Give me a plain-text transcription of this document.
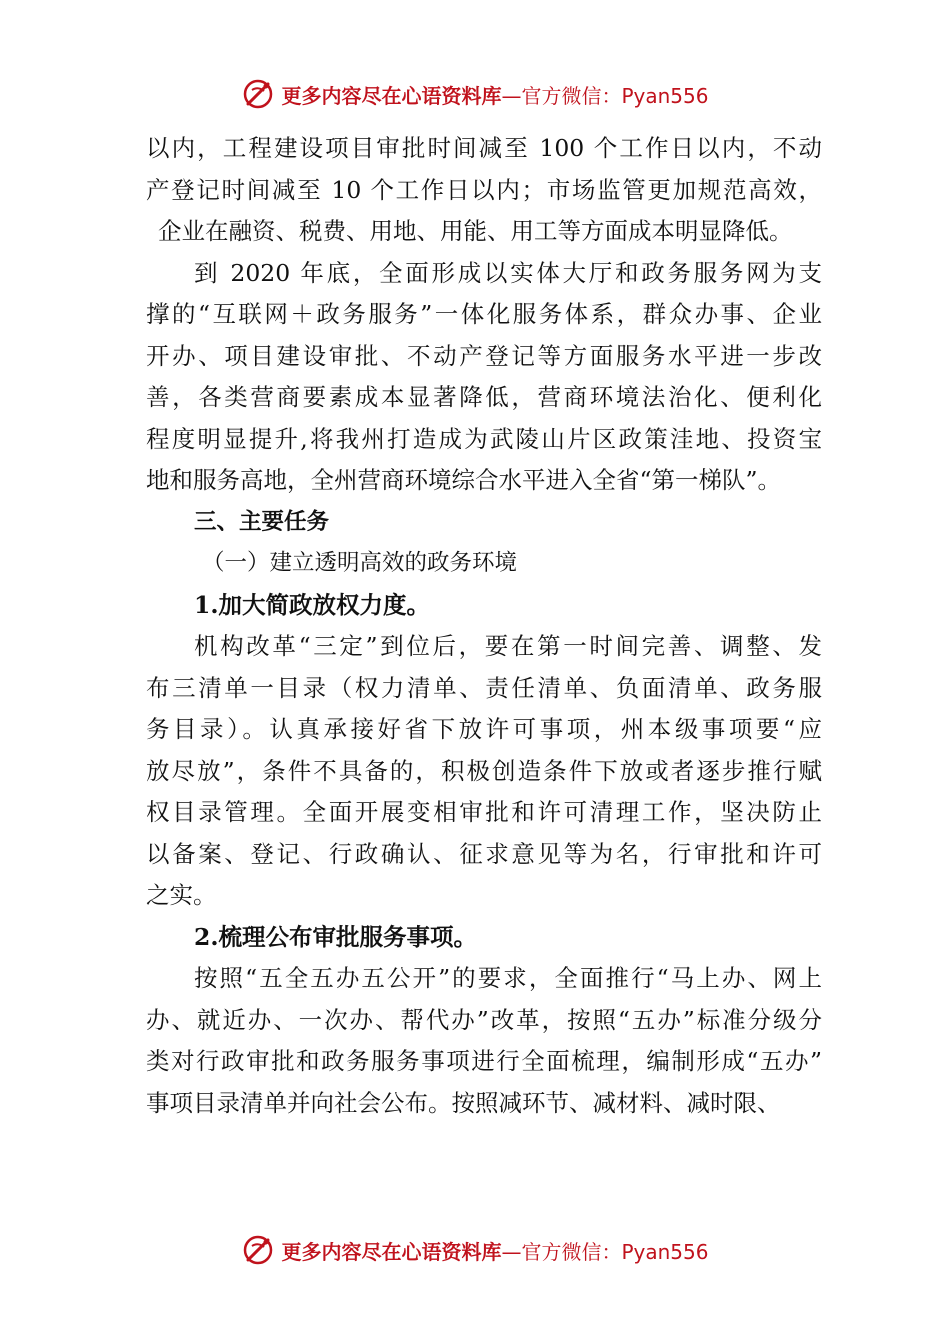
更多内容尽在心语资料库—官方微信：Pyan556
以内，工程建设项目审批时间减至 100 个工作日以内，不动
产登记时间减至 10 个工作日以内；市场监管更加规范高效，
企业在融资、税费、用地、用能、用工等方面成本明显降低。
到 2020 年底，全面形成以实体大厅和政务服务网为支
撑的“互联网＋政务服务”一体化服务体系，群众办事、企业
开办、项目建设审批、不动产登记等方面服务水平进一步改
善，各类营商要素成本显著降低，营商环境法治化、便利化
程度明显提升,将我州打造成为武陵山片区政策洼地、投资宝
地和服务高地，全州营商环境综合水平进入全省“第一梯队”。
三、主要任务
（一）建立透明高效的政务环境
1.加大简政放权力度。
机构改革“三定”到位后，要在第一时间完善、调整、发
布三清单一目录（权力清单、责任清单、负面清单、政务服
务目录）。认真承接好省下放许可事项，州本级事项要“应
放尽放”，条件不具备的，积极创造条件下放或者逐步推行赋
权目录管理。全面开展变相审批和许可清理工作，坚决防止
以备案、登记、行政确认、征求意见等为名，行审批和许可
之实。
2.梳理公布审批服务事项。
按照“五全五办五公开”的要求，全面推行“马上办、网上
办、就近办、一次办、帮代办”改革，按照“五办”标准分级分
类对行政审批和政务服务事项进行全面梳理，编制形成“五办”
事项目录清单并向社会公布。按照减环节、减材料、减时限、
更多内容尽在心语资料库—官方微信：Pyan556
